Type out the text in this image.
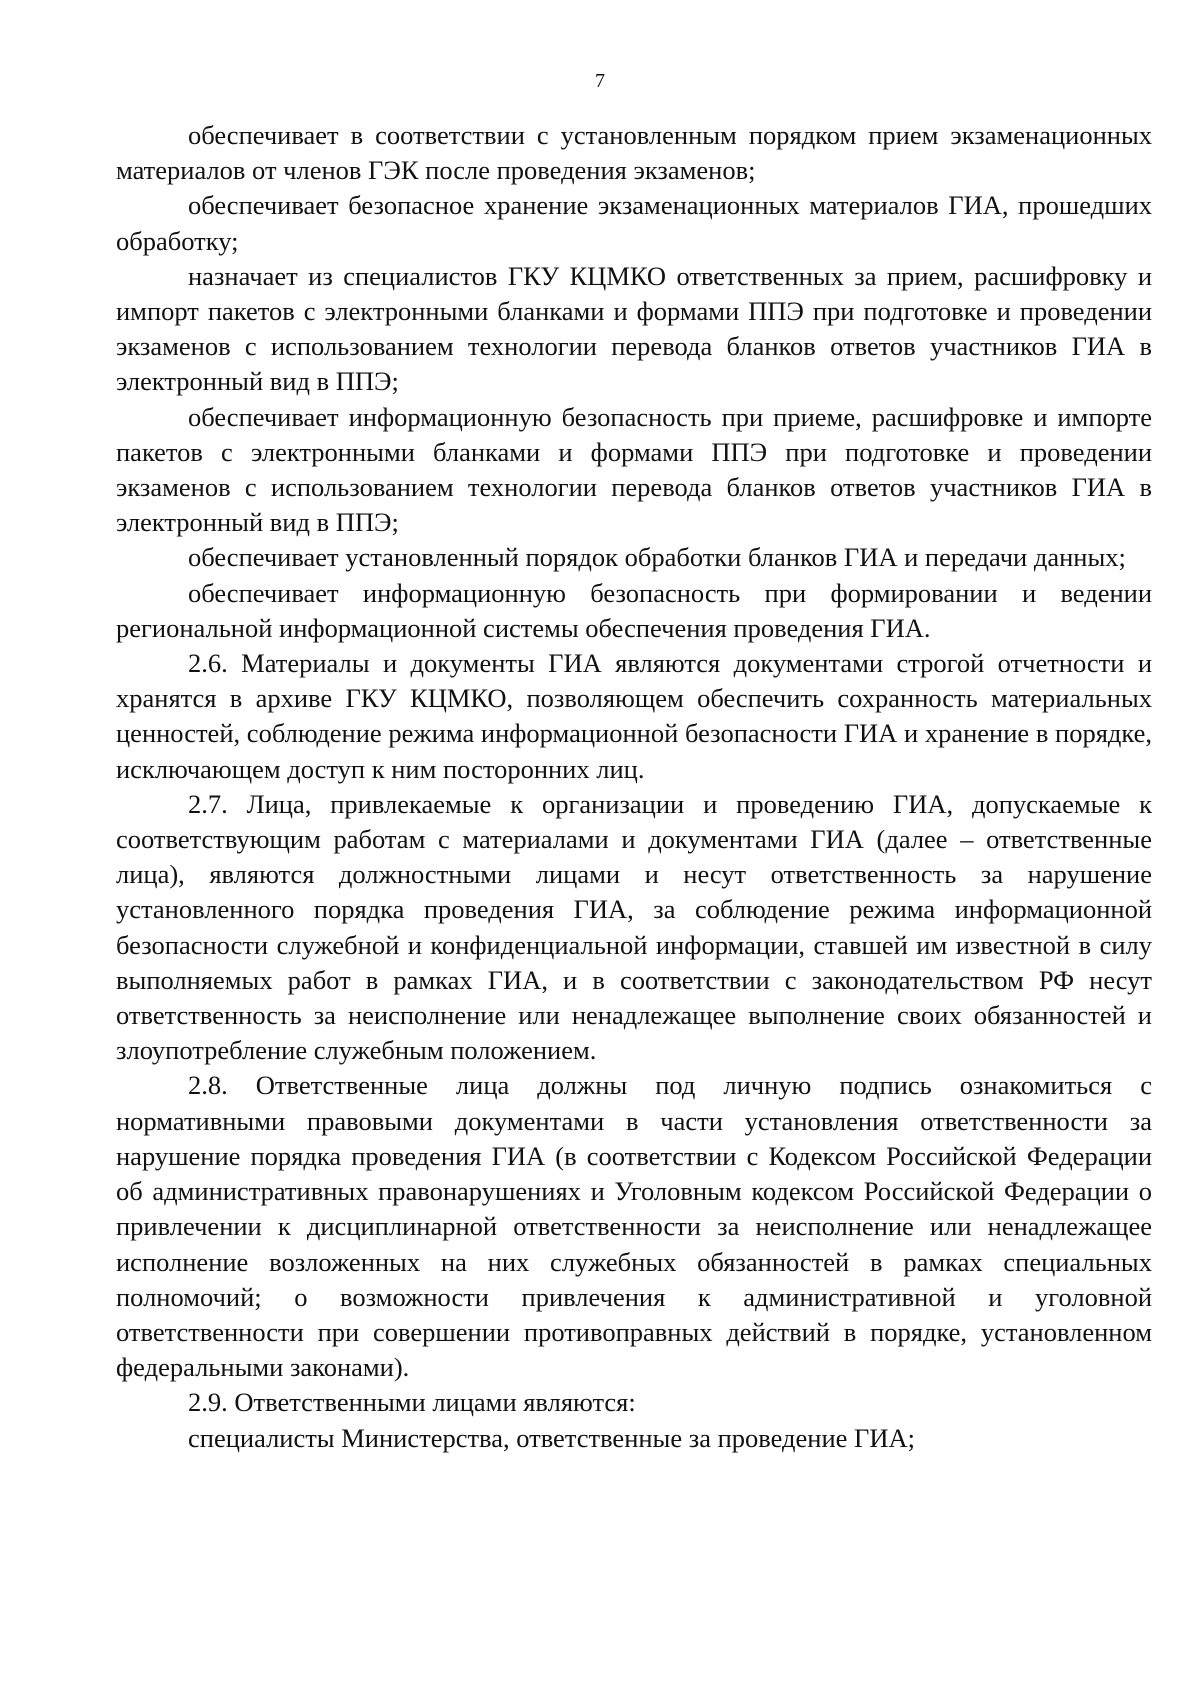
7

обеспечивает в соответствии с установленным порядком прием экзаменационных материалов от членов ГЭК после проведения экзаменов;

обеспечивает безопасное хранение экзаменационных материалов ГИА, прошедших обработку;

назначает из специалистов ГКУ КЦМКО ответственных за прием, расшифровку и импорт пакетов с электронными бланками и формами ППЭ при подготовке и проведении экзаменов с использованием технологии перевода бланков ответов участников ГИА в электронный вид в ППЭ;

обеспечивает информационную безопасность при приеме, расшифровке и импорте пакетов с электронными бланками и формами ППЭ при подготовке и проведении экзаменов с использованием технологии перевода бланков ответов участников ГИА в электронный вид в ППЭ;

обеспечивает установленный порядок обработки бланков ГИА и передачи данных;

обеспечивает информационную безопасность при формировании и ведении региональной информационной системы обеспечения проведения ГИА.

2.6. Материалы и документы ГИА являются документами строгой отчетности и хранятся в архиве ГКУ КЦМКО, позволяющем обеспечить сохранность материальных ценностей, соблюдение режима информационной безопасности ГИА и хранение в порядке, исключающем доступ к ним посторонних лиц.

2.7. Лица, привлекаемые к организации и проведению ГИА, допускаемые к соответствующим работам с материалами и документами ГИА (далее – ответственные лица), являются должностными лицами и несут ответственность за нарушение установленного порядка проведения ГИА, за соблюдение режима информационной безопасности служебной и конфиденциальной информации, ставшей им известной в силу выполняемых работ в рамках ГИА, и в соответствии с законодательством РФ несут ответственность за неисполнение или ненадлежащее выполнение своих обязанностей и злоупотребление служебным положением.

2.8. Ответственные лица должны под личную подпись ознакомиться с нормативными правовыми документами в части установления ответственности за нарушение порядка проведения ГИА (в соответствии с Кодексом Российской Федерации об административных правонарушениях и Уголовным кодексом Российской Федерации о привлечении к дисциплинарной ответственности за неисполнение или ненадлежащее исполнение возложенных на них служебных обязанностей в рамках специальных полномочий; о возможности привлечения к административной и уголовной ответственности при совершении противоправных действий в порядке, установленном федеральными законами).

2.9. Ответственными лицами являются:

специалисты Министерства, ответственные за проведение ГИА;
